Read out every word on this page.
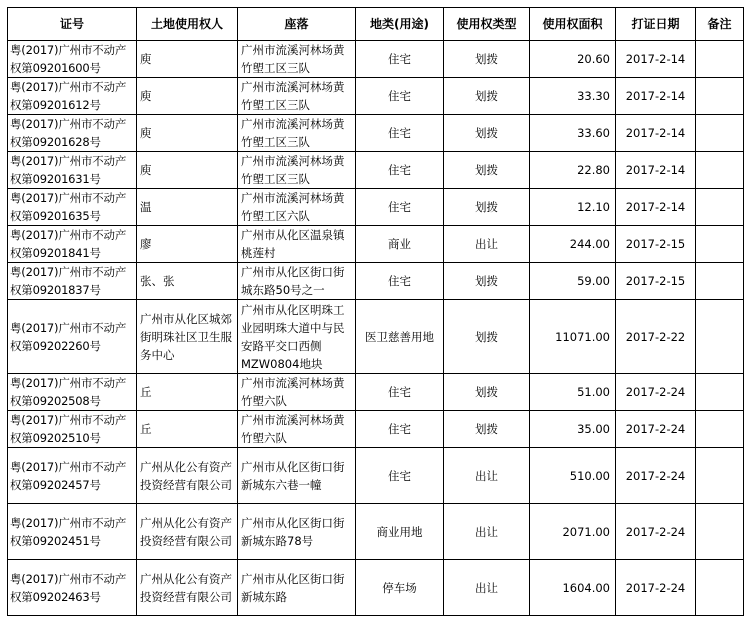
证号	土地使用权人	座落	地类(用途)	使用权类型	使用权面积	打证日期	备注
粤(2017)广州市不动产权第09201600号	庾	广州市流溪河林场黄竹塱工区三队	住宅	划拨	20.60	2017-2-14	
粤(2017)广州市不动产权第09201612号	庾	广州市流溪河林场黄竹塱工区三队	住宅	划拨	33.30	2017-2-14	
粤(2017)广州市不动产权第09201628号	庾	广州市流溪河林场黄竹塱工区三队	住宅	划拨	33.60	2017-2-14	
粤(2017)广州市不动产权第09201631号	庾	广州市流溪河林场黄竹塱工区三队	住宅	划拨	22.80	2017-2-14	
粤(2017)广州市不动产权第09201635号	温	广州市流溪河林场黄竹塱工区六队	住宅	划拨	12.10	2017-2-14	
粤(2017)广州市不动产权第09201841号	廖	广州市从化区温泉镇桃莲村	商业	出让	244.00	2017-2-15	
粤(2017)广州市不动产权第09201837号	张、张	广州市从化区街口街城东路50号之一	住宅	划拨	59.00	2017-2-15	
粤(2017)广州市不动产权第09202260号	广州市从化区城郊街明珠社区卫生服务中心	广州市从化区明珠工业园明珠大道中与民安路平交口西侧MZW0804地块	医卫慈善用地	划拨	11071.00	2017-2-22	
粤(2017)广州市不动产权第09202508号	丘	广州市流溪河林场黄竹塱六队	住宅	划拨	51.00	2017-2-24	
粤(2017)广州市不动产权第09202510号	丘	广州市流溪河林场黄竹塱六队	住宅	划拨	35.00	2017-2-24	
粤(2017)广州市不动产权第09202457号	广州从化公有资产投资经营有限公司	广州市从化区街口街新城东六巷一幢	住宅	出让	510.00	2017-2-24	
粤(2017)广州市不动产权第09202451号	广州从化公有资产投资经营有限公司	广州市从化区街口街新城东路78号	商业用地	出让	2071.00	2017-2-24	
粤(2017)广州市不动产权第09202463号	广州从化公有资产投资经营有限公司	广州市从化区街口街新城东路	停车场	出让	1604.00	2017-2-24	
